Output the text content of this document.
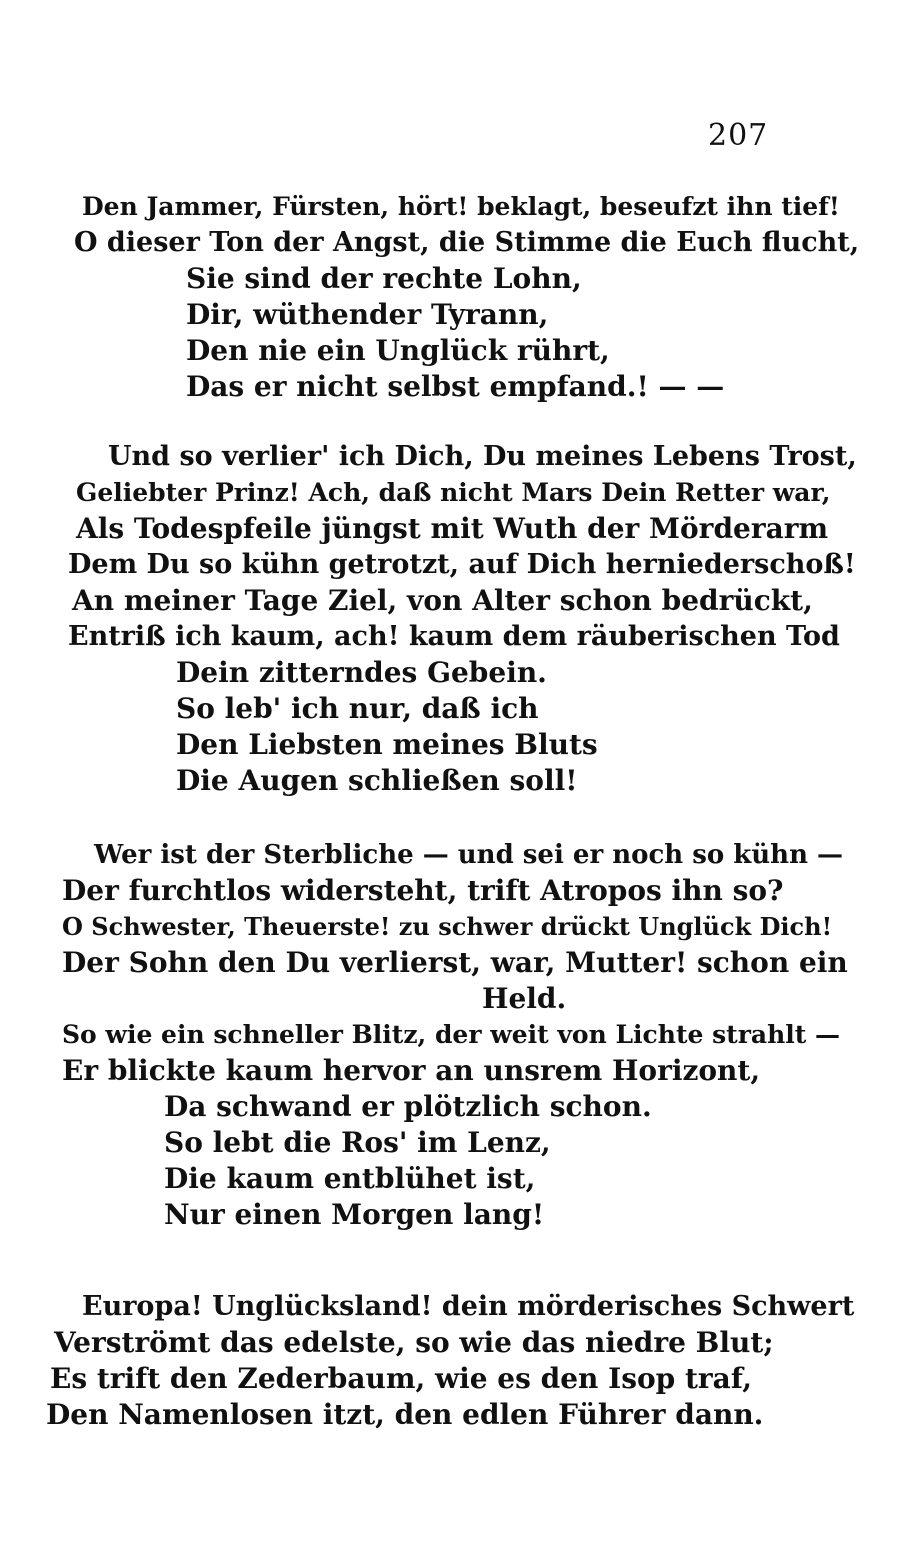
207
Den Jammer, Fürsten, hört! beklagt, beseufzt ihn tief!
O dieser Ton der Angst, die Stimme die Euch flucht,
Sie sind der rechte Lohn,
Dir, wüthender Tyrann,
Den nie ein Unglück rührt,
Das er nicht selbst empfand.! — —
Und so verlier' ich Dich, Du meines Lebens Trost,
Geliebter Prinz! Ach, daß nicht Mars Dein Retter war,
Als Todespfeile jüngst mit Wuth der Mörderarm
Dem Du so kühn getrotzt, auf Dich herniederschoß!
An meiner Tage Ziel, von Alter schon bedrückt,
Entriß ich kaum, ach! kaum dem räuberischen Tod
Dein zitterndes Gebein.
So leb' ich nur, daß ich
Den Liebsten meines Bluts
Die Augen schließen soll!
Wer ist der Sterbliche — und sei er noch so kühn —
Der furchtlos widersteht, trift Atropos ihn so?
O Schwester, Theuerste! zu schwer drückt Unglück Dich!
Der Sohn den Du verlierst, war, Mutter! schon ein
Held.
So wie ein schneller Blitz, der weit von Lichte strahlt —
Er blickte kaum hervor an unsrem Horizont,
Da schwand er plötzlich schon.
So lebt die Ros' im Lenz,
Die kaum entblühet ist,
Nur einen Morgen lang!
Europa! Unglücksland! dein mörderisches Schwert
Verströmt das edelste, so wie das niedre Blut;
Es trift den Zederbaum, wie es den Isop traf,
Den Namenlosen itzt, den edlen Führer dann.
